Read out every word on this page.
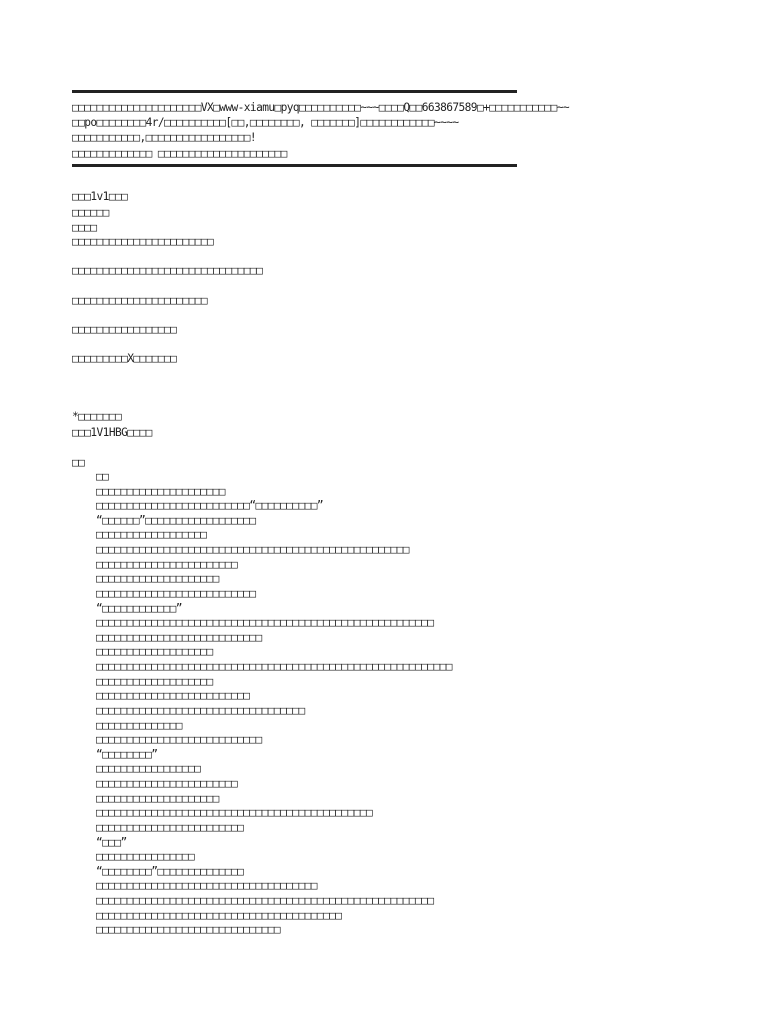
□□□□□□□□□□□□□□□□□□□□□VX□www-xiamu□pyq□□□□□□□□□□~~~□□□□Q□□663867589□+□□□□□□□□□□□~~
□□po□□□□□□□□4r/□□□□□□□□□□[□□,□□□□□□□□, □□□□□□□]□□□□□□□□□□□□~~~~
□□□□□□□□□□□,□□□□□□□□□□□□□□□□□!
□□□□□□□□□□□□□ □□□□□□□□□□□□□□□□□□□□□
□□□1v1□□□
□□□□□□
□□□□
□□□□□□□□□□□□□□□□□□□□□□□
□□□□□□□□□□□□□□□□□□□□□□□□□□□□□□□
□□□□□□□□□□□□□□□□□□□□□□
□□□□□□□□□□□□□□□□□
□□□□□□□□□X□□□□□□□
*□□□□□□□
□□□1V1HBG□□□□
□□
□□
□□□□□□□□□□□□□□□□□□□□□
□□□□□□□□□□□□□□□□□□□□□□□□□“□□□□□□□□□□”
“□□□□□□”□□□□□□□□□□□□□□□□□□
□□□□□□□□□□□□□□□□□□
□□□□□□□□□□□□□□□□□□□□□□□□□□□□□□□□□□□□□□□□□□□□□□□□□□□
□□□□□□□□□□□□□□□□□□□□□□□
□□□□□□□□□□□□□□□□□□□□
□□□□□□□□□□□□□□□□□□□□□□□□□□
“□□□□□□□□□□□□”
□□□□□□□□□□□□□□□□□□□□□□□□□□□□□□□□□□□□□□□□□□□□□□□□□□□□□□□
□□□□□□□□□□□□□□□□□□□□□□□□□□□
□□□□□□□□□□□□□□□□□□□
□□□□□□□□□□□□□□□□□□□□□□□□□□□□□□□□□□□□□□□□□□□□□□□□□□□□□□□□□□
□□□□□□□□□□□□□□□□□□□
□□□□□□□□□□□□□□□□□□□□□□□□□
□□□□□□□□□□□□□□□□□□□□□□□□□□□□□□□□□□
□□□□□□□□□□□□□□
□□□□□□□□□□□□□□□□□□□□□□□□□□□
“□□□□□□□□”
□□□□□□□□□□□□□□□□□
□□□□□□□□□□□□□□□□□□□□□□□
□□□□□□□□□□□□□□□□□□□□
□□□□□□□□□□□□□□□□□□□□□□□□□□□□□□□□□□□□□□□□□□□□□
□□□□□□□□□□□□□□□□□□□□□□□□
“□□□”
□□□□□□□□□□□□□□□□
“□□□□□□□□”□□□□□□□□□□□□□□
□□□□□□□□□□□□□□□□□□□□□□□□□□□□□□□□□□□□
□□□□□□□□□□□□□□□□□□□□□□□□□□□□□□□□□□□□□□□□□□□□□□□□□□□□□□□
□□□□□□□□□□□□□□□□□□□□□□□□□□□□□□□□□□□□□□□□
□□□□□□□□□□□□□□□□□□□□□□□□□□□□□□
